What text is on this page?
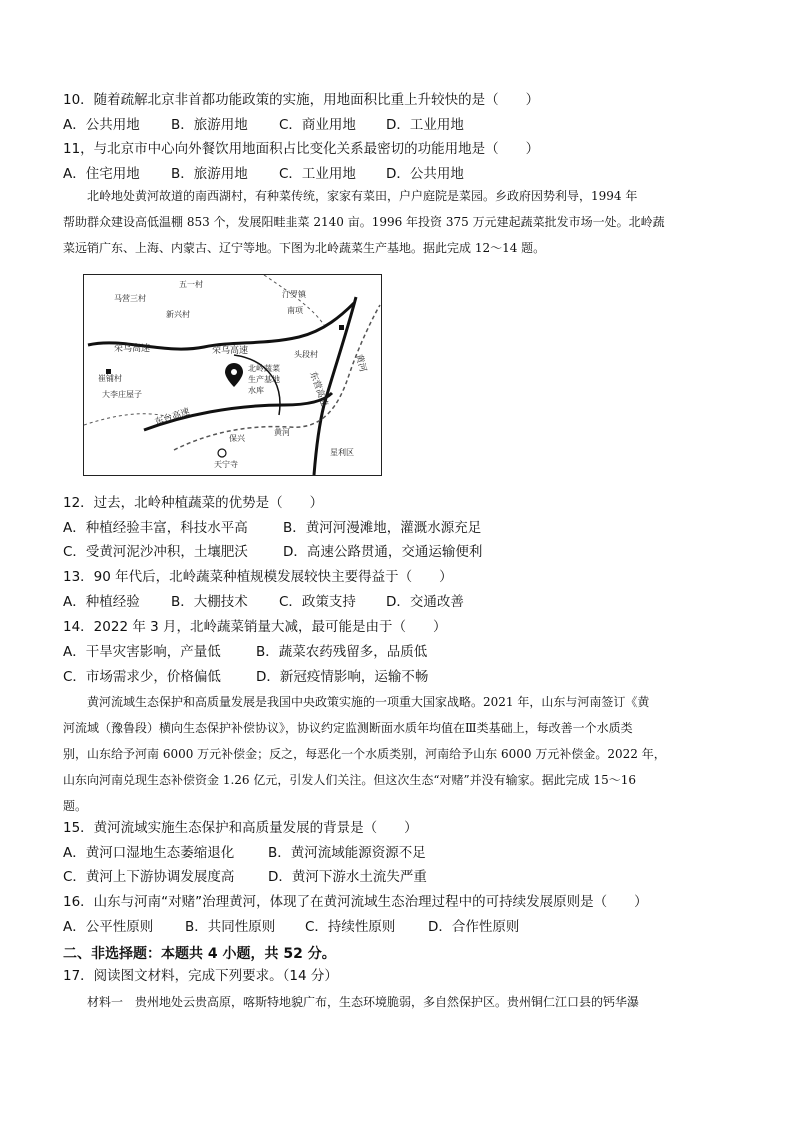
10．随着疏解北京非首都功能政策的实施，用地面积比重上升较快的是（　　）
A．公共用地	B．旅游用地	C．商业用地	D．工业用地
11，与北京市中心向外餐饮用地面积占比变化关系最密切的功能用地是（　　）
A．住宅用地	B．旅游用地	C．工业用地	D．公共用地

北岭地处黄河故道的南西湖村，有种菜传统，家家有菜田，户户庭院是菜园。乡政府因势利导，1994 年

帮助群众建设高低温棚 853 个，发展阳畦韭菜 2140 亩。1996 年投资 375 万元建起蔬菜批发市场一处。北岭蔬

菜远销广东、上海、内蒙古、辽宁等地。下图为北岭蔬菜生产基地。据此完成 12～14 题。

五一村
马营三村
新兴村
汀罗镇
南项
荣乌高速	荣乌高速	头段村
崔铺村
大李庄屋子
北岭蔬菜
生产基地
水库	东营高速
东台高速
黄河
黄河
保兴
星利区
天宁寺
12．过去，北岭种植蔬菜的优势是（　　）
A．种植经验丰富，科技水平高	B．黄河河漫滩地，灌溉水源充足
C．受黄河泥沙冲积，土壤肥沃	D．高速公路贯通，交通运输便利
13．90 年代后，北岭蔬菜种植规模发展较快主要得益于（　　）
A．种植经验	B．大棚技术	C．政策支持	D．交通改善
14．2022 年 3 月，北岭蔬菜销量大减，最可能是由于（　　）
A．干旱灾害影响，产量低	B．蔬菜农药残留多，品质低
C．市场需求少，价格偏低	D．新冠疫情影响，运输不畅

黄河流域生态保护和高质量发展是我国中央政策实施的一项重大国家战略。2021 年，山东与河南签订《黄

河流域（豫鲁段）横向生态保护补偿协议》，协议约定监测断面水质年均值在Ⅲ类基础上，每改善一个水质类

别，山东给予河南 6000 万元补偿金；反之，每恶化一个水质类别，河南给予山东 6000 万元补偿金。2022 年，

山东向河南兑现生态补偿资金 1.26 亿元，引发人们关注。但这次生态“对赌”并没有输家。据此完成 15～16

题。

15．黄河流域实施生态保护和高质量发展的背景是（　　）
A．黄河口湿地生态萎缩退化	B．黄河流域能源资源不足
C．黄河上下游协调发展度高	D．黄河下游水土流失严重
16．山东与河南“对赌”治理黄河，体现了在黄河流域生态治理过程中的可持续发展原则是（　　）
A．公平性原则	B．共同性原则	C．持续性原则	D．合作性原则
二、非选择题：本题共 4 小题，共 52 分。
17．阅读图文材料，完成下列要求。（14 分）

材料一　贵州地处云贵高原，喀斯特地貌广布，生态环境脆弱，多自然保护区。贵州铜仁江口县的钙华瀑
